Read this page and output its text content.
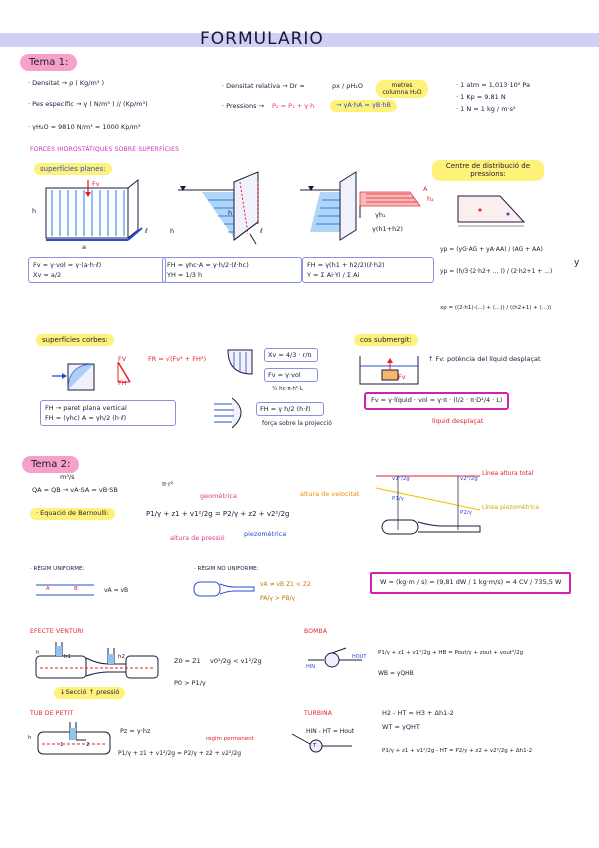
FORMULARIO
Tema 1:
· Densitat → ρ ( Kg/m³ )
· Pes específic → γ ( N/m³ ) // (Kp/m³)
· γH₂O = 9810 N/m³ = 1000 Kp/m³
· Densitat relativa → Dr =	ρx / ρH₂O	metres columna H₂O
· Pressions → P₂ = P₁ + γ·h	→ γA·hA = γB·hB
· 1 atm = 1,013·10⁵ Pa
· 1 Kp = 9,81 N
· 1 N = 1 kg / m·s²
FORCES HIDROSTÀTIQUES SOBRE SUPERFÍCIES
superfícies planes:	Centre de distribució de pressions:
Fv
h
a
ℓ	h
h
ℓ
A
h₂
γh₁
γ(h1+h2)
Fv = γ·vol = γ·(a·h·ℓ)
Xv = a/2
FH = γhc·A = γ·h/2·(ℓ·hc)
YH = 1/3 h
FH = γ(h1 + h2/2)(ℓ·h2)
Y = Σ Ai·Yi / Σ Ai
yp = (yG·AG + yA·AA) / (AG + AA)
yp = (h/3·(2·h2+ ... )) / (2·h2+1 + ...)
y
xp = ((2·h1)·(...) + (...)) / ((h2+1) + (...))
superfícies corbes:
FH
FV	FR = √(Fv² + FH²)
FH → paret plana vertical
FH = (γhc) A = γh/2 (h·ℓ)
Xv = 4/3 · r/π
Fv = γ·vol
¼ hc·π·h²·L
FH = γ h/2 (h·ℓ)
força sobre la projecció
cos submergit:
Fv
↑ Fv: potència del líquid desplaçat
Fv = γ·líquid · vol = γ·π · (l/2 · π·D²/4 · L)
líquid desplaçat
Tema 2:
m³/s
QA = QB → vA·SA = vB·SB
π·r²
· Equació de Bernoulli:	P1/γ + z1 + v1²/2g = P2/γ + z2 + v2²/2g
geomètrica	altura de velocitat
altura de pressió	piezomètrica
v1²/2g	v2²/2g
P1/γ
P2/γ
Línea altura total
Línea piezomètrica
· RÈGIM UNIFORME:
A	B	vA = vB
· RÈGIM NO UNIFORME:
vA ≠ vB Z1 < Z2
PA/γ > PB/γ
W = (kg·m / s) = (9,81 dW / 1 kg·m/s) = 4 CV / 735,5 W
EFECTE VENTURI
h
h1	h2	Z0 = Z1 v0²/2g < v1²/2g
P0 > P1/γ
↓Secció ↑ pressió
BOMBA
HIN
HOUT
P1/γ + z1 + v1²/2g + HB = Pout/γ + zout + vout²/2g
WB = γQHB
TUB DE PETIT
h
1	2
Pz = γ·hz
règim permanent
P1/γ + z1 + v1²/2g = P2/γ + z2 + v2²/2g
TURBINA
HIN - HT = Hout
T
H2 - HT = H3 + Δh1-2
WT = γQHT
P1/γ + z1 + v1²/2g - HT = P2/γ + z2 + v2²/2g + Δh1-2
